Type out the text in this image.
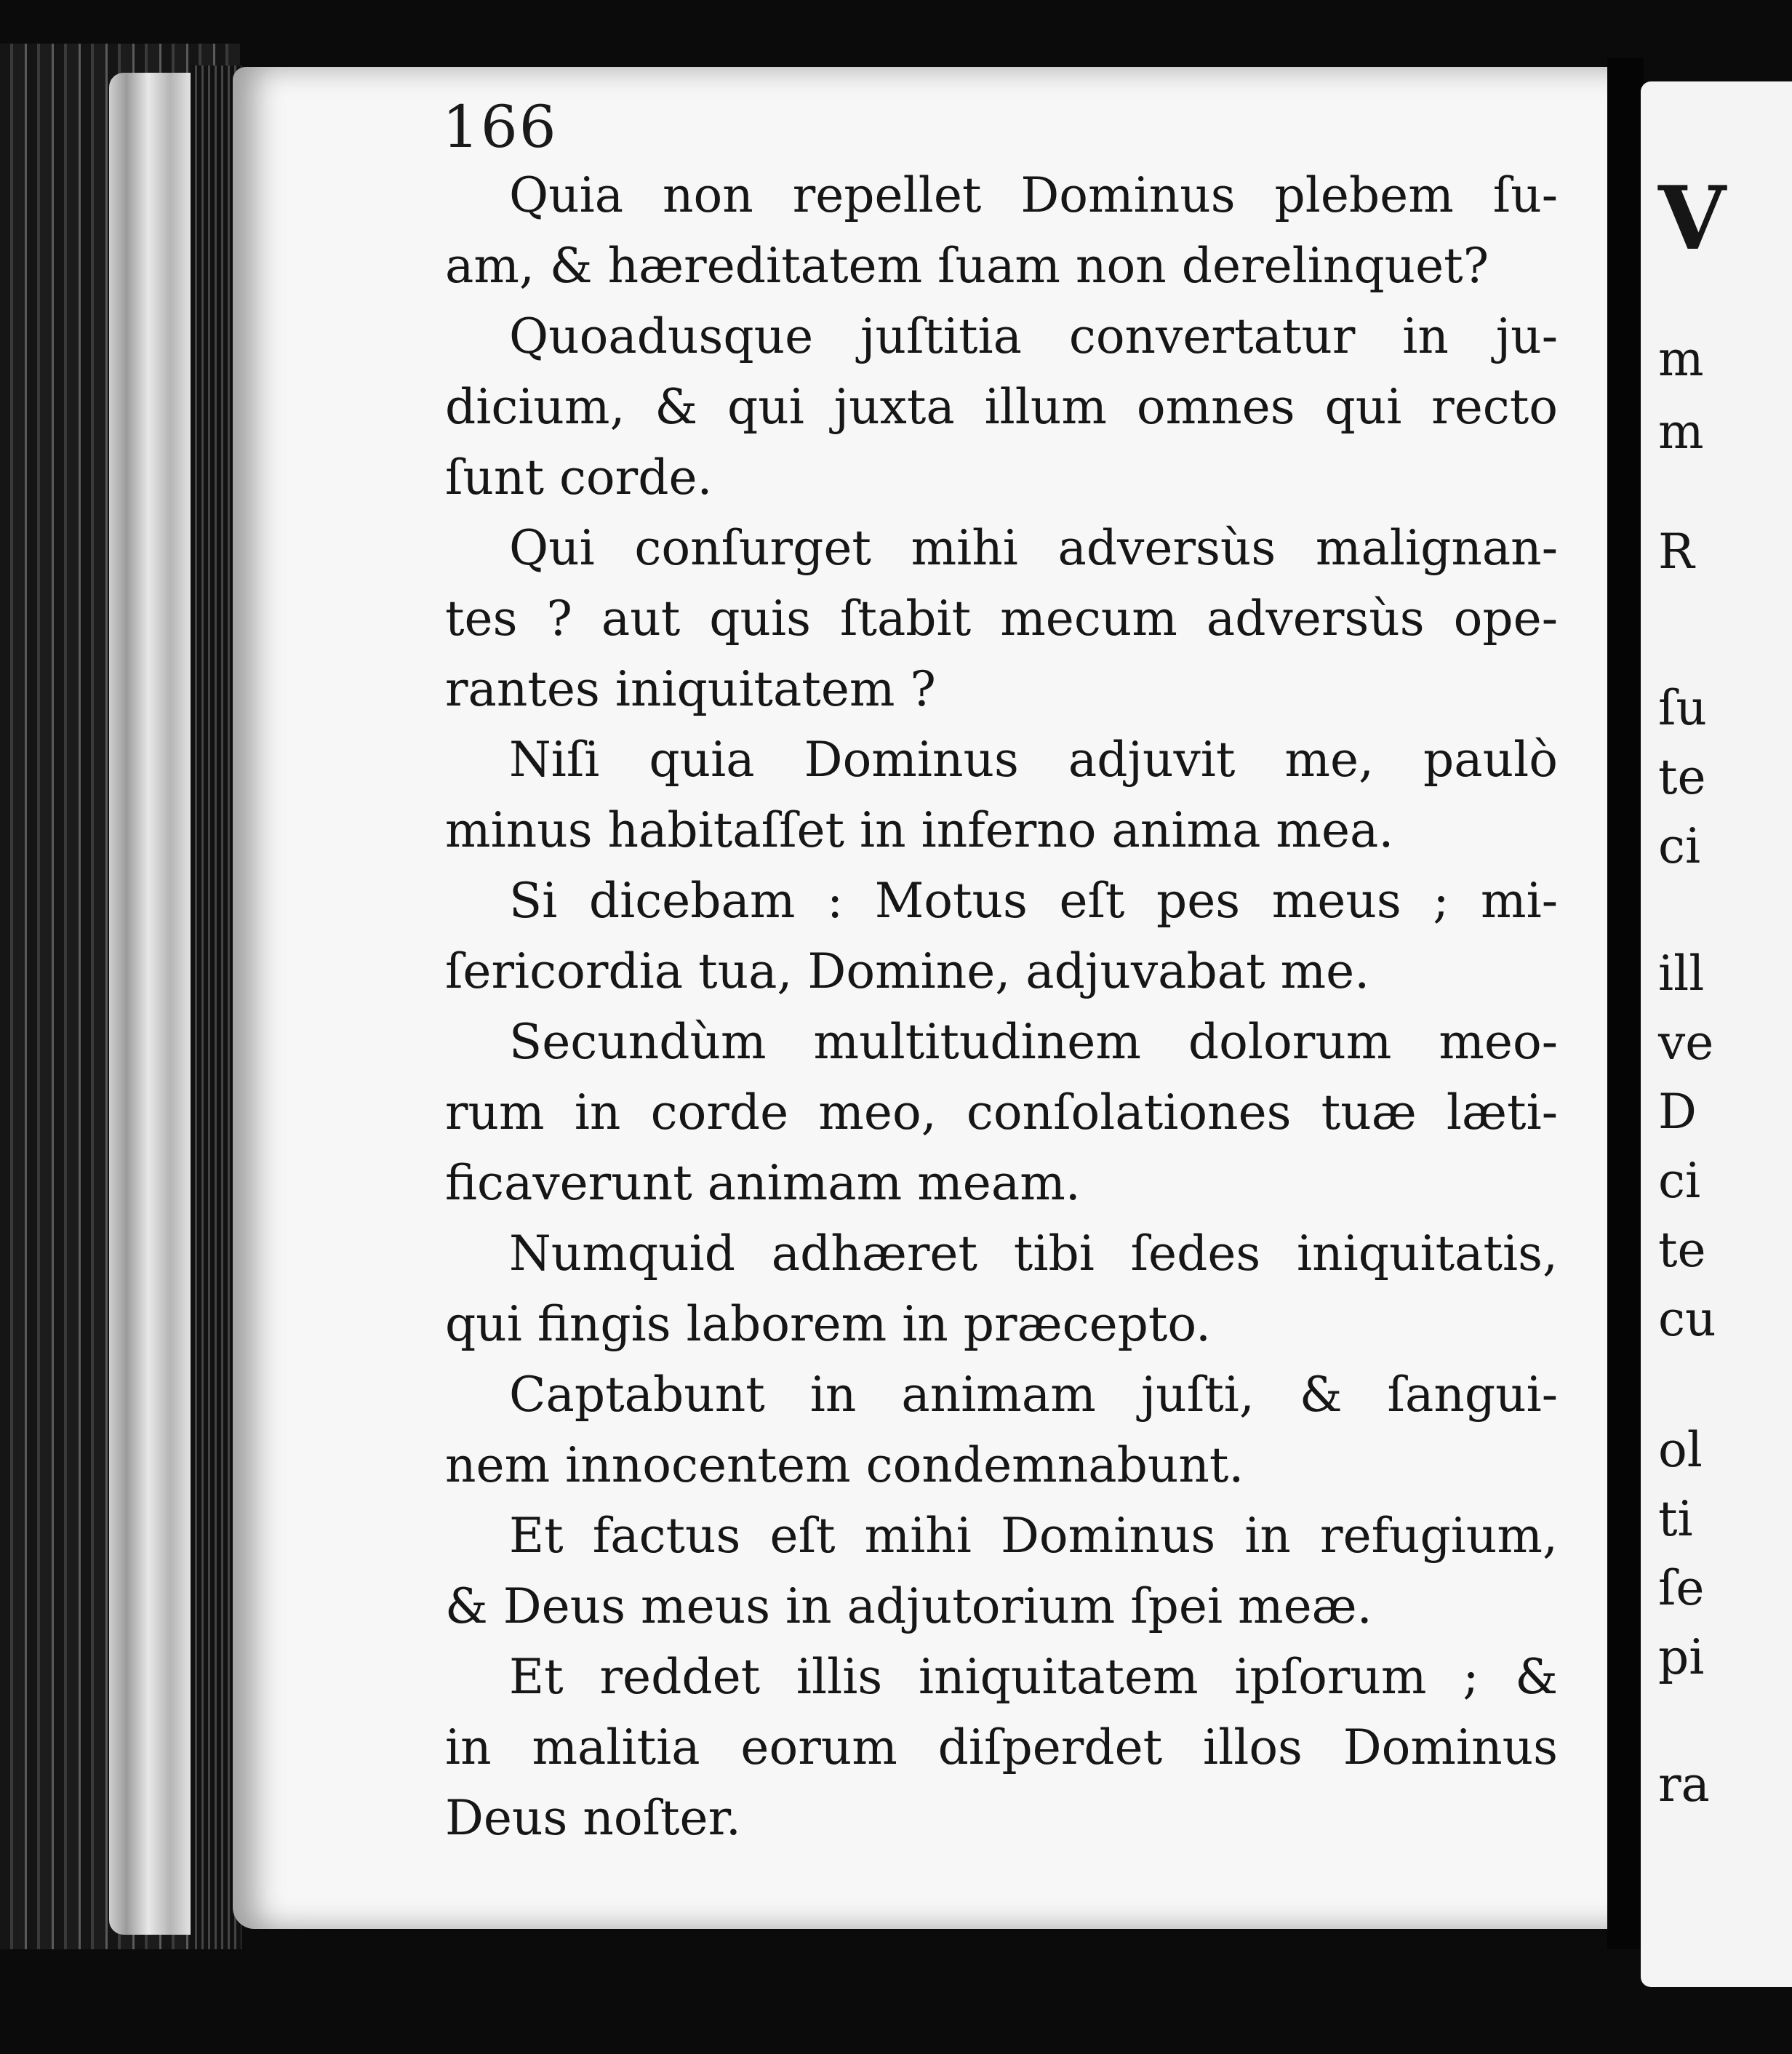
166
Quia non repellet Dominus plebem ſu-
am, & hæreditatem ſuam non derelinquet?
Quoadusque juſtitia convertatur in ju-
dicium, & qui juxta illum omnes qui recto
ſunt corde.
Qui conſurget mihi adversùs malignan-
tes ? aut quis ſtabit mecum adversùs ope-
rantes iniquitatem ?
Niſi quia Dominus adjuvit me, paulò
minus habitaſſet in inferno anima mea.
Si dicebam : Motus eſt pes meus ; mi-
ſericordia tua, Domine, adjuvabat me.
Secundùm multitudinem dolorum meo-
rum in corde meo, conſolationes tuæ læti-
ficaverunt animam meam.
Numquid adhæret tibi ſedes iniquitatis,
qui fingis laborem in præcepto.
Captabunt in animam juſti, & ſangui-
nem innocentem condemnabunt.
Et factus eſt mihi Dominus in refugium,
& Deus meus in adjutorium ſpei meæ.
Et reddet illis iniquitatem ipſorum ; &
in malitia eorum diſperdet illos Dominus
Deus noſter.
V
m
m
R
ſu
te
ci
ill
ve
D
ci
te
cu
ol
ti
ſe
pi
ra
